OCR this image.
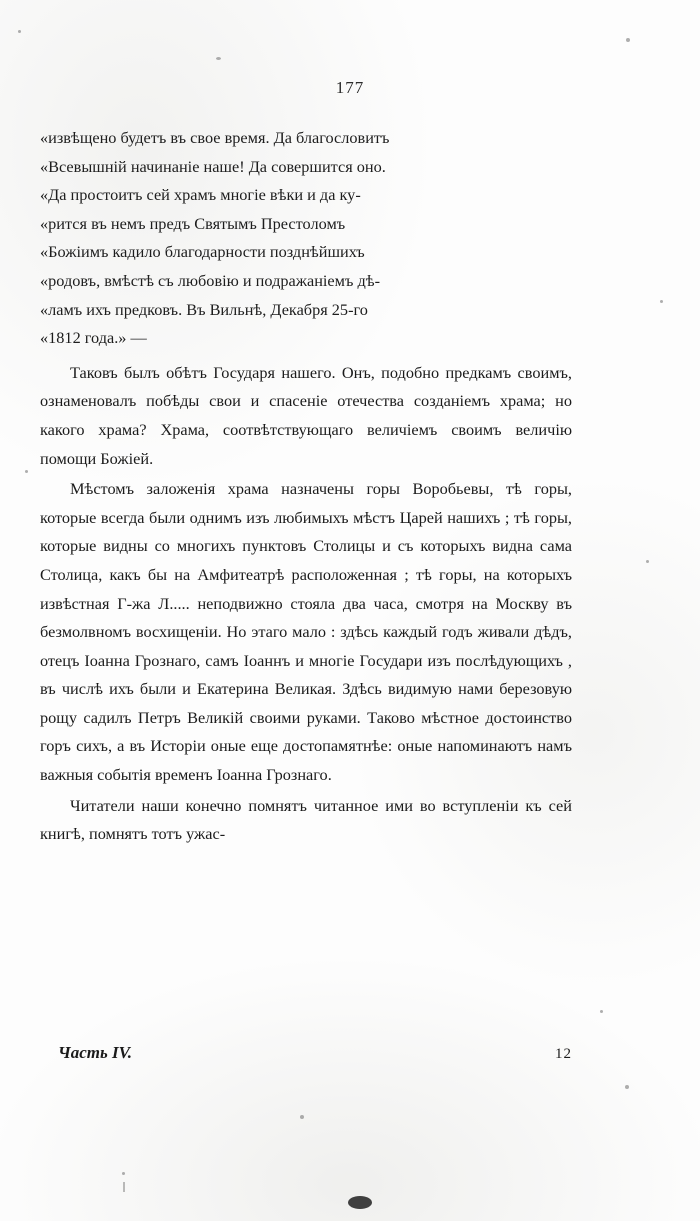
177
«извѣщено будетъ въ свое время. Да благословитъ
«Всевышній начинаніе наше! Да совершится оно.
«Да простоитъ сей храмъ многіе вѣки и да ку-
«рится въ немъ предъ Святымъ Престоломъ
«Божіимъ кадило благодарности позднѣйшихъ
«родовъ, вмѣстѣ съ любовію и подражаніемъ дѣ-
«ламъ ихъ предковъ. Въ Вильнѣ, Декабря 25-го
«1812 года.» —

Таковъ былъ обѣтъ Государя нашего. Онъ, подобно предкамъ своимъ, ознаменовалъ побѣды свои и спасеніе отечества созданіемъ храма; но какого храма? Храма, соотвѣтствующаго величіемъ своимъ величію помощи Божіей.

Мѣстомъ заложенія храма назначены горы Воробьевы, тѣ горы, которые всегда были однимъ изъ любимыхъ мѣстъ Царей нашихъ ; тѣ горы, которые видны со многихъ пунктовъ Столицы и съ которыхъ видна сама Столица, какъ бы на Амфитеатрѣ расположенная ; тѣ горы, на которыхъ извѣстная Г-жа Л..... неподвижно стояла два часа, смотря на Москву въ безмолвномъ восхищеніи. Но этаго мало : здѣсь каждый годъ живали дѣдъ, отецъ Іоанна Грознаго, самъ Іоаннъ и многіе Государи изъ послѣдующихъ , въ числѣ ихъ были и Екатерина Великая. Здѣсь видимую нами березовую рощу садилъ Петръ Великій своими руками. Таково мѣстное достоинство горъ сихъ, а въ Исторіи оные еще достопамятнѣе: оные напоминаютъ намъ важныя событія временъ Іоанна Грознаго.

Читатели наши конечно помнятъ читанное ими во вступленіи къ сей книгѣ, помнятъ тотъ ужас-

Часть IV.	12
